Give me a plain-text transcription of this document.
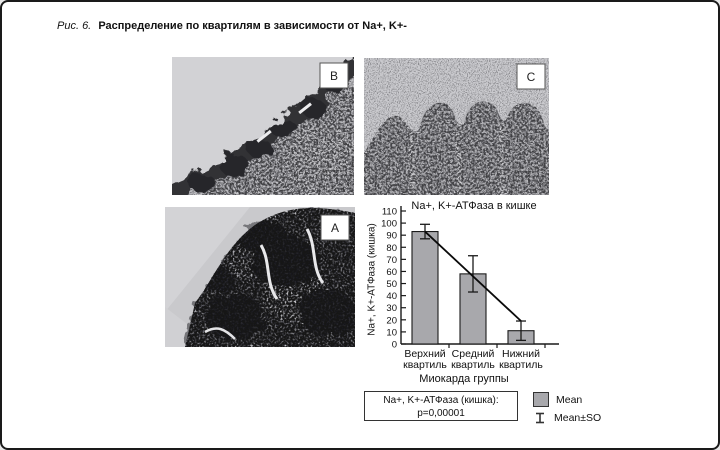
Рис. 6. Распределение по квартилям в зависимости от Na+, K+-
B	C
A
Na+, K+-АТФаза в кишке
Na+, K+-АТФаза (кишка)
0
10
20
30
40
50
60
70
80
90
100
110
Верхний
квартиль
Средний
квартиль
Нижний
квартиль
Миокарда группы
Na+, K+-АТФаза (кишка):
p=0,00001
Mean
Mean±SO
